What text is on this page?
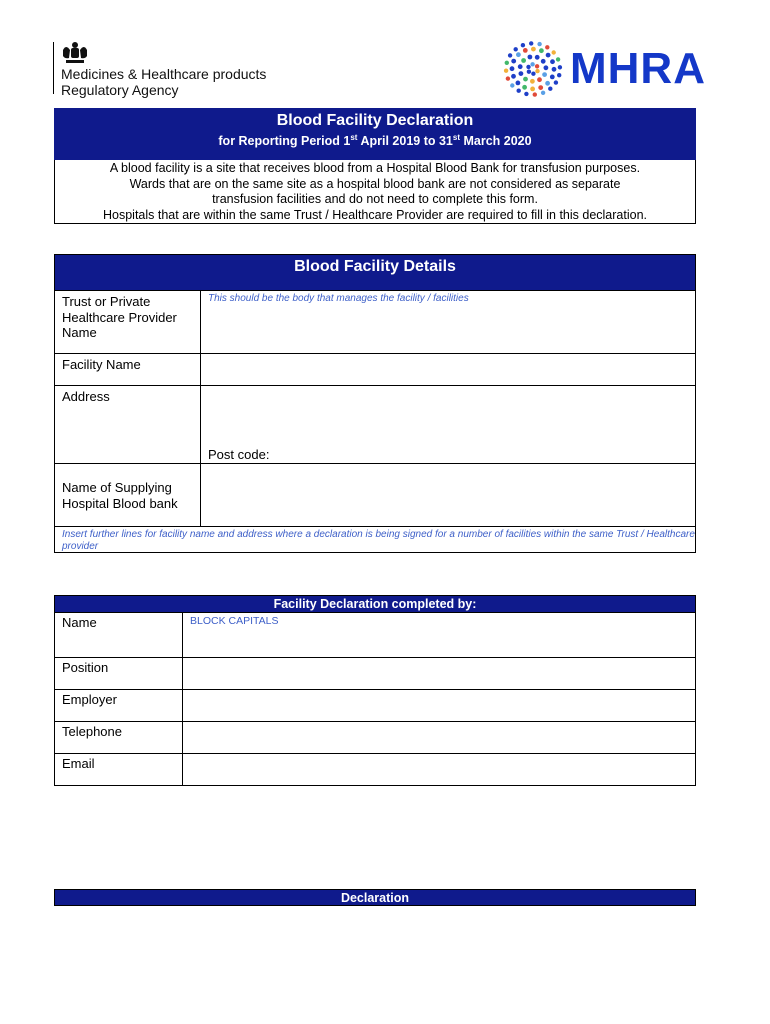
Medicines & Healthcare products
Regulatory Agency	MHRA
Blood Facility Declaration
for Reporting Period 1st April 2019 to 31st March 2020
A blood facility is a site that receives blood from a Hospital Blood Bank for transfusion purposes.
Wards that are on the same site as a hospital blood bank are not considered as separate
transfusion facilities and do not need to complete this form.
Hospitals that are within the same Trust / Healthcare Provider are required to fill in this declaration.
Blood Facility Details
Trust or Private Healthcare Provider Name
This should be the body that manages the facility / facilities
Facility Name
Address
Post code:
Name of Supplying Hospital Blood bank
Insert further lines for facility name and address where a declaration is being signed for a number of facilities within the same Trust / Healthcare provider
Facility Declaration completed by:
Name	BLOCK CAPITALS
Position
Employer
Telephone
Email
Declaration
